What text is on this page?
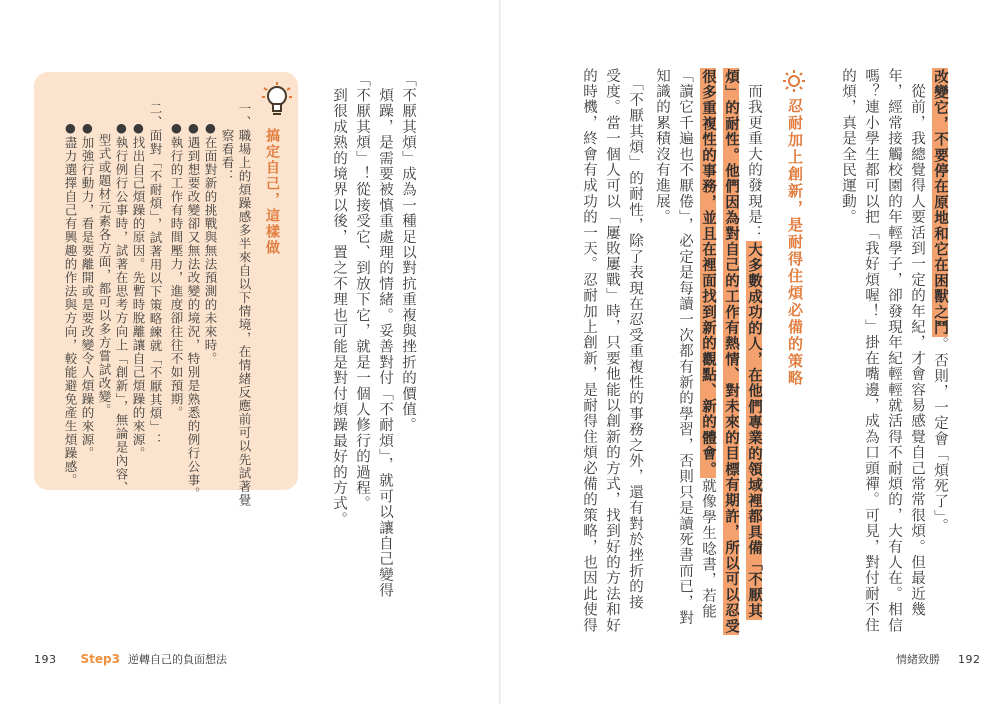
搞定自己，這樣做
一、職場上的煩躁感多半來自以下情境，在情緒反應前可以先試著覺
　　察看看：
●在面對新的挑戰與無法預測的未來時。
●遇到想要改變卻又無法改變的境況，特別是熟悉的例行公事。
●執行的工作有時間壓力，進度卻往往不如預期。
二、面對「不耐煩」，試著用以下策略練就「不厭其煩」：
●找出自己煩躁的原因。先暫時脫離讓自己煩躁的來源。
●執行例行公事時，試著在思考方向上「創新」，無論是內容、
　型式或題材元素各方面，都可以多方嘗試改變。
●加強行動力，看是要離開或是要改變令人煩躁的來源。
●盡力選擇自己有興趣的作法與方向，較能避免產生煩躁感。	「不厭其煩」成為一種足以對抗重複與挫折的價值。
　煩躁，是需要被慎重處理的情緒。妥善對付「不耐煩」，就可以讓自己變得
「不厭其煩」！從接受它、到放下它，就是一個人修行的過程。
　到很成熟的境界以後，置之不理也可能是對付煩躁最好的方式。
193 Step3 逆轉自己的負面想法
改變它，不要停在原地和它在困獸之鬥。否則，一定會「煩死了」。
　從前，我總覺得人要活到一定的年紀，才會容易感覺自己常常很煩。但最近幾
年，經常接觸校園的年輕學子，卻發現年紀輕輕就活得不耐煩的，大有人在。相信
嗎？連小學生都可以把「我好煩喔！」掛在嘴邊，成為口頭禪。可見，對付耐不住
的煩，真是全民運動。
忍耐加上創新，是耐得住煩必備的策略
　而我更重大的發現是：大多數成功的人，在他們專業的領域裡都具備「不厭其
煩」的耐性。他們因為對自己的工作有熱情、對未來的目標有期許，所以可以忍受
很多重複性的事務，並且在裡面找到新的觀點、新的體會。就像學生唸書，若能
「讀它千遍也不厭倦」，必定是每讀一次都有新的學習，否則只是讀死書而已，對
知識的累積沒有進展。
　「不厭其煩」的耐性，除了表現在忍受重複性的事務之外，還有對於挫折的接
受度。當一個人可以「屢敗屢戰」時，只要他能以創新的方式，找到好的方法和好
的時機，終會有成功的一天。忍耐加上創新，是耐得住煩必備的策略，也因此使得
情緒致勝 192
